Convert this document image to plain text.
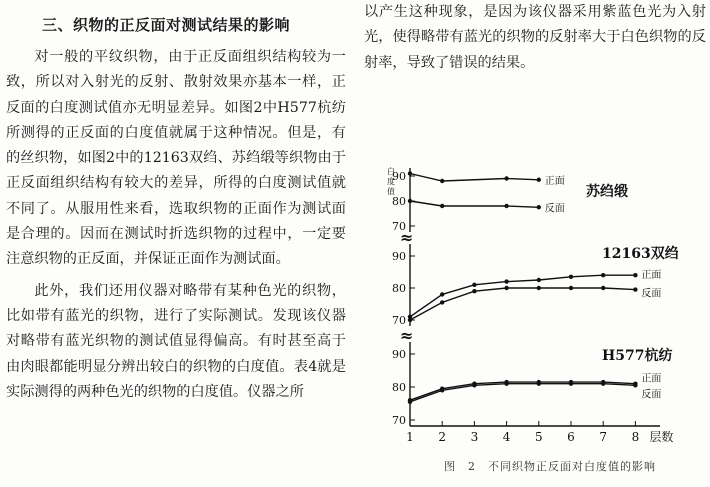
三、织物的正反面对测试结果的影响

对一般的平纹织物，由于正反面组织结构较为一致，所以对入射光的反射、散射效果亦基本一样，正反面的白度测试值亦无明显差异。如图2中H577杭纺所测得的正反面的白度值就属于这种情况。但是，有的丝织物，如图2中的12163双绉、苏绉缎等织物由于正反面组织结构有较大的差异，所得的白度测试值就不同了。从服用性来看，选取织物的正面作为测试面是合理的。因而在测试时折选织物的过程中，一定要注意织物的正反面，并保证正面作为测试面。

此外，我们还用仪器对略带有某种色光的织物，比如带有蓝光的织物，进行了实际测试。发现该仪器对略带有蓝光织物的测试值显得偏高。有时甚至高于由肉眼都能明显分辨出较白的织物的白度值。表4就是实际测得的两种色光的织物的白度值。仪器之所

以产生这种现象，是因为该仪器采用紫蓝色光为入射光，使得略带有蓝光的织物的反射率大于白色织物的反射率，导致了错误的结果。

≈
≈
白
度
值
70
80
90	正面
反面
苏绉缎
70
80
90
正面
反面
12163双绉
70
80
90
正面
反面
H577杭纺
1 2 3 4 5 6 7 8 层数
图　2　不同织物正反面对白度值的影响
